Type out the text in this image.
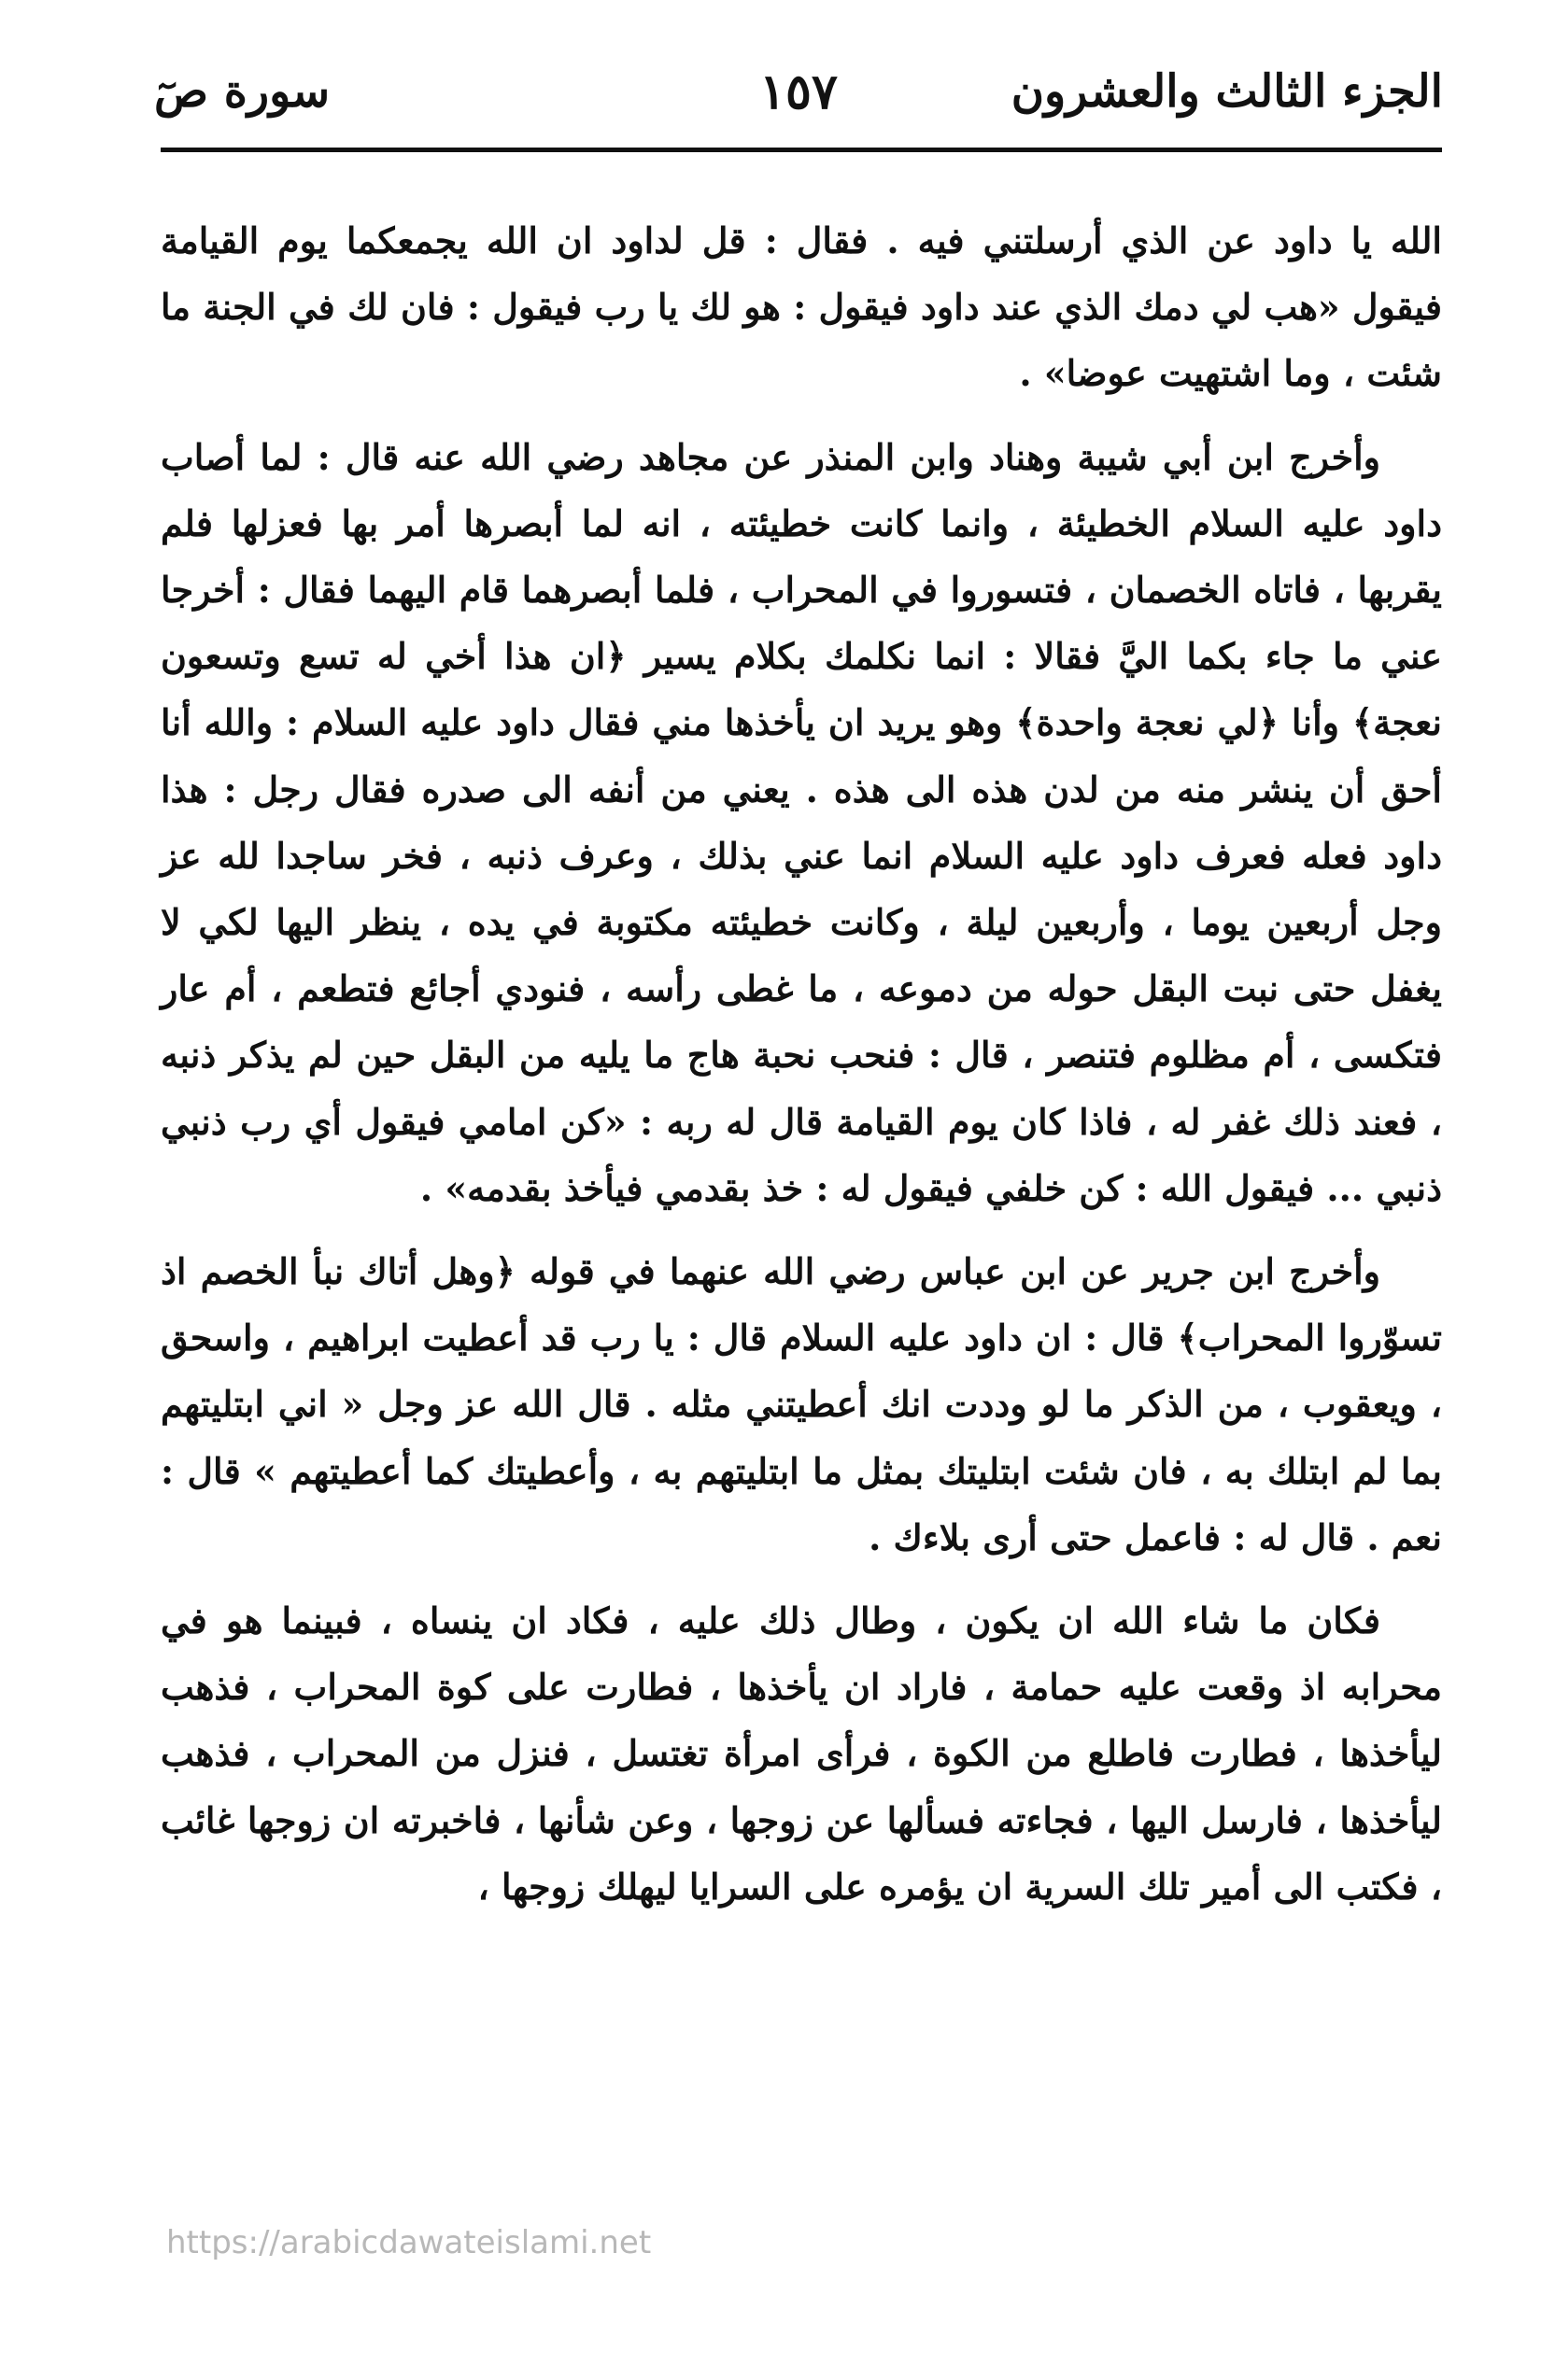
الجزء الثالث والعشرون
١٥٧
سورة صٓ

الله يا داود عن الذي أرسلتني فيه . فقال : قل لداود ان الله يجمعكما يوم القيامة فيقول «هب لي دمك الذي عند داود فيقول : هو لك يا رب فيقول : فان لك في الجنة ما شئت ، وما اشتهيت عوضا» .

وأخرج ابن أبي شيبة وهناد وابن المنذر عن مجاهد رضي الله عنه قال : لما أصاب داود عليه السلام الخطيئة ، وانما كانت خطيئته ، انه لما أبصرها أمر بها فعزلها فلم يقربها ، فاتاه الخصمان ، فتسوروا في المحراب ، فلما أبصرهما قام اليهما فقال : أخرجا عني ما جاء بكما اليَّ فقالا : انما نكلمك بكلام يسير ﴿ان هذا أخي له تسع وتسعون نعجة﴾ وأنا ﴿لي نعجة واحدة﴾ وهو يريد ان يأخذها مني فقال داود عليه السلام : والله أنا أحق أن ينشر منه من لدن هذه الى هذه . يعني من أنفه الى صدره فقال رجل : هذا داود فعله فعرف داود عليه السلام انما عني بذلك ، وعرف ذنبه ، فخر ساجدا لله عز وجل أربعين يوما ، وأربعين ليلة ، وكانت خطيئته مكتوبة في يده ، ينظر اليها لكي لا يغفل حتى نبت البقل حوله من دموعه ، ما غطى رأسه ، فنودي أجائع فتطعم ، أم عار فتكسى ، أم مظلوم فتنصر ، قال : فنحب نحبة هاج ما يليه من البقل حين لم يذكر ذنبه ، فعند ذلك غفر له ، فاذا كان يوم القيامة قال له ربه : «كن امامي فيقول أي رب ذنبي ذنبي ... فيقول الله : كن خلفي فيقول له : خذ بقدمي فيأخذ بقدمه» .

وأخرج ابن جرير عن ابن عباس رضي الله عنهما في قوله ﴿وهل أتاك نبأ الخصم اذ تسوّروا المحراب﴾ قال : ان داود عليه السلام قال : يا رب قد أعطيت ابراهيم ، واسحق ، ويعقوب ، من الذكر ما لو وددت انك أعطيتني مثله . قال الله عز وجل « اني ابتليتهم بما لم ابتلك به ، فان شئت ابتليتك بمثل ما ابتليتهم به ، وأعطيتك كما أعطيتهم » قال : نعم . قال له : فاعمل حتى أرى بلاءك .

فكان ما شاء الله ان يكون ، وطال ذلك عليه ، فكاد ان ينساه ، فبينما هو في محرابه اذ وقعت عليه حمامة ، فاراد ان يأخذها ، فطارت على كوة المحراب ، فذهب ليأخذها ، فطارت فاطلع من الكوة ، فرأى امرأة تغتسل ، فنزل من المحراب ، فذهب ليأخذها ، فارسل اليها ، فجاءته فسألها عن زوجها ، وعن شأنها ، فاخبرته ان زوجها غائب ، فكتب الى أمير تلك السرية ان يؤمره على السرايا ليهلك زوجها ،

https://arabicdawateislami.net
